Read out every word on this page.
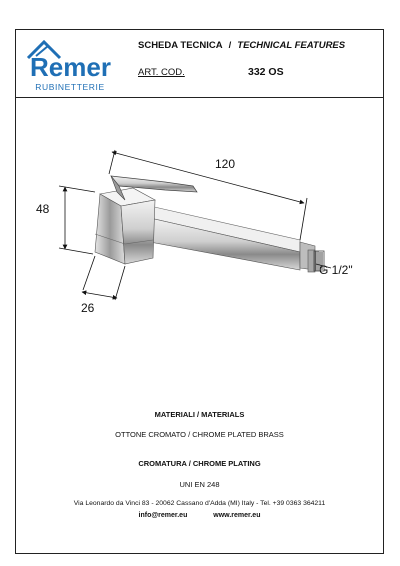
Remer
RUBINETTERIE
SCHEDA TECNICA / TECHNICAL FEATURES
ART. COD.	332 OS
120
48
26
G 1/2"
MATERIALI / MATERIALS
OTTONE CROMATO / CHROME PLATED BRASS
CROMATURA / CHROME PLATING
UNI EN 248
Via Leonardo da Vinci 83 - 20062 Cassano d'Adda (MI) Italy - Tel. +39 0363 364211
info@remer.eu	www.remer.eu
